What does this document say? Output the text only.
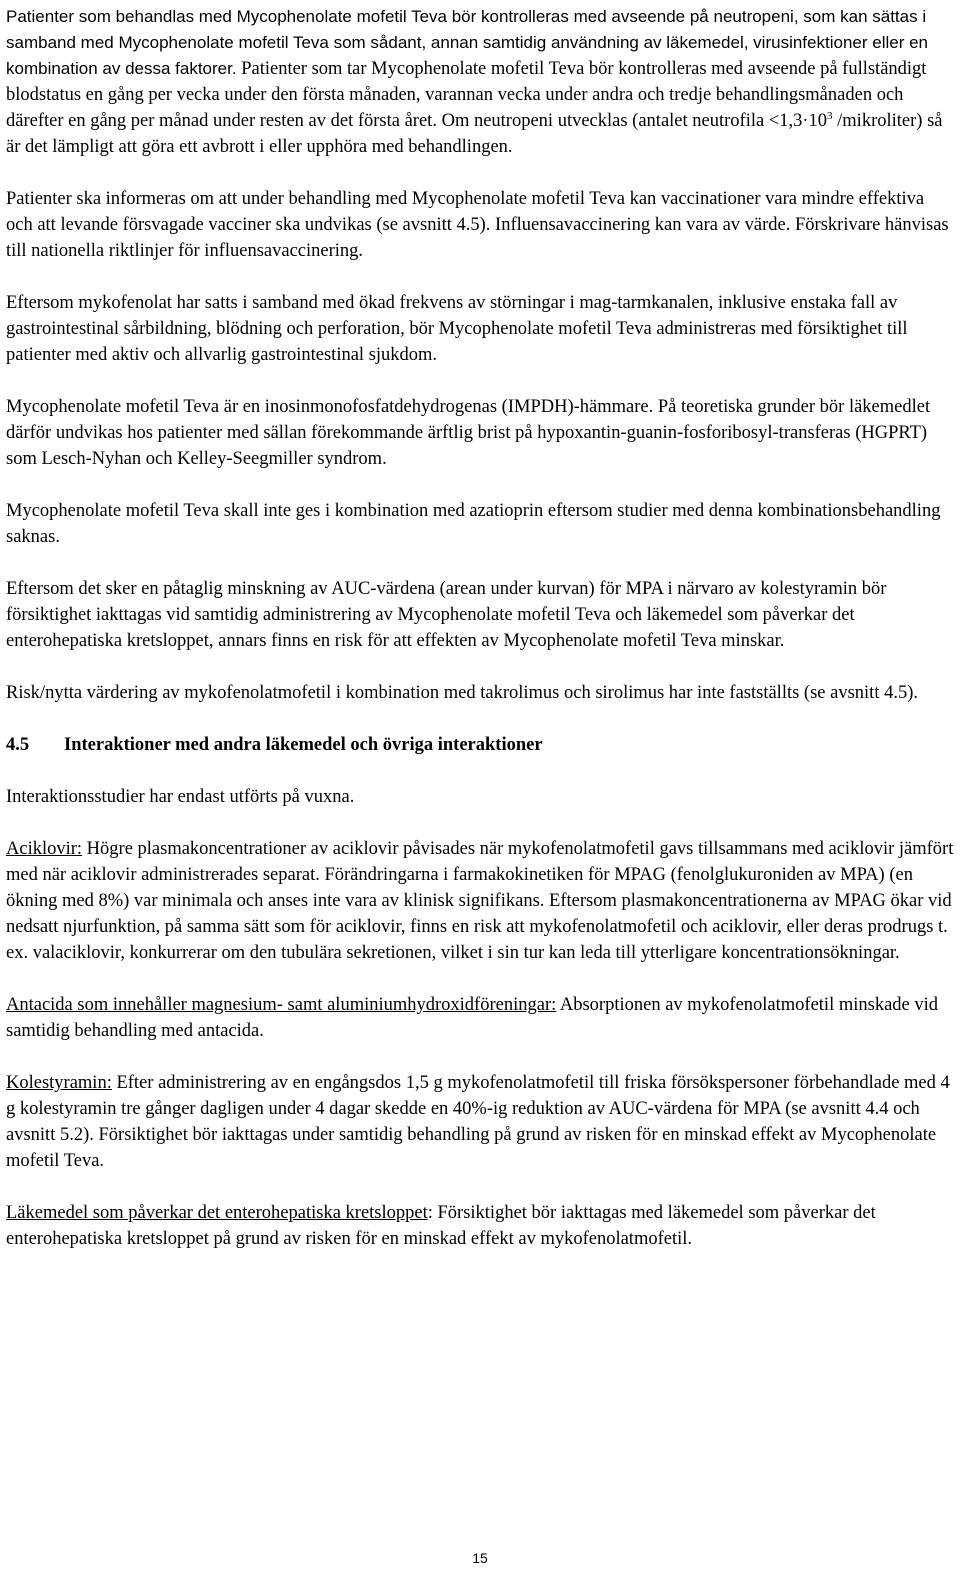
Patienter som behandlas med Mycophenolate mofetil Teva bör kontrolleras med avseende på neutropeni, som kan sättas i samband med Mycophenolate mofetil Teva som sådant, annan samtidig användning av läkemedel, virusinfektioner eller en kombination av dessa faktorer. Patienter som tar Mycophenolate mofetil Teva bör kontrolleras med avseende på fullständigt blodstatus en gång per vecka under den första månaden, varannan vecka under andra och tredje behandlingsmånaden och därefter en gång per månad under resten av det första året. Om neutropeni utvecklas (antalet neutrofila $<1,3\cdot 10^3$ /mikroliter) så är det lämpligt att göra ett avbrott i eller upphöra med behandlingen.

Patienter ska informeras om att under behandling med Mycophenolate mofetil Teva kan vaccinationer vara mindre effektiva och att levande försvagade vacciner ska undvikas (se avsnitt 4.5). Influensavaccinering kan vara av värde. Förskrivare hänvisas till nationella riktlinjer för influensavaccinering.

Eftersom mykofenolat har satts i samband med ökad frekvens av störningar i mag-tarmkanalen, inklusive enstaka fall av gastrointestinal sårbildning, blödning och perforation, bör Mycophenolate mofetil Teva administreras med försiktighet till patienter med aktiv och allvarlig gastrointestinal sjukdom.

Mycophenolate mofetil Teva är en inosinmonofosfatdehydrogenas (IMPDH)-hämmare. På teoretiska grunder bör läkemedlet därför undvikas hos patienter med sällan förekommande ärftlig brist på hypoxantin-guanin-fosforibosyl-transferas (HGPRT) som Lesch-Nyhan och Kelley-Seegmiller syndrom.

Mycophenolate mofetil Teva skall inte ges i kombination med azatioprin eftersom studier med denna kombinationsbehandling saknas.

Eftersom det sker en påtaglig minskning av AUC-värdena (arean under kurvan) för MPA i närvaro av kolestyramin bör försiktighet iakttagas vid samtidig administrering av Mycophenolate mofetil Teva och läkemedel som påverkar det enterohepatiska kretsloppet, annars finns en risk för att effekten av Mycophenolate mofetil Teva minskar.

Risk/nytta värdering av mykofenolatmofetil i kombination med takrolimus och sirolimus har inte fastställts (se avsnitt 4.5).

4.5 Interaktioner med andra läkemedel och övriga interaktioner

Interaktionsstudier har endast utförts på vuxna.

Aciklovir: Högre plasmakoncentrationer av aciklovir påvisades när mykofenolatmofetil gavs tillsammans med aciklovir jämfört med när aciklovir administrerades separat. Förändringarna i farmakokinetiken för MPAG (fenolglukuroniden av MPA) (en ökning med 8%) var minimala och anses inte vara av klinisk signifikans. Eftersom plasmakoncentrationerna av MPAG ökar vid nedsatt njurfunktion, på samma sätt som för aciklovir, finns en risk att mykofenolatmofetil och aciklovir, eller deras prodrugs t. ex. valaciklovir, konkurrerar om den tubulära sekretionen, vilket i sin tur kan leda till ytterligare koncentrationsökningar.

Antacida som innehåller magnesium- samt aluminiumhydroxidföreningar: Absorptionen av mykofenolatmofetil minskade vid samtidig behandling med antacida.

Kolestyramin: Efter administrering av en engångsdos 1,5 g mykofenolatmofetil till friska försökspersoner förbehandlade med 4 g kolestyramin tre gånger dagligen under 4 dagar skedde en 40%-ig reduktion av AUC-värdena för MPA (se avsnitt 4.4 och avsnitt 5.2). Försiktighet bör iakttagas under samtidig behandling på grund av risken för en minskad effekt av Mycophenolate mofetil Teva.

Läkemedel som påverkar det enterohepatiska kretsloppet: Försiktighet bör iakttagas med läkemedel som påverkar det enterohepatiska kretsloppet på grund av risken för en minskad effekt av mykofenolatmofetil.

15
